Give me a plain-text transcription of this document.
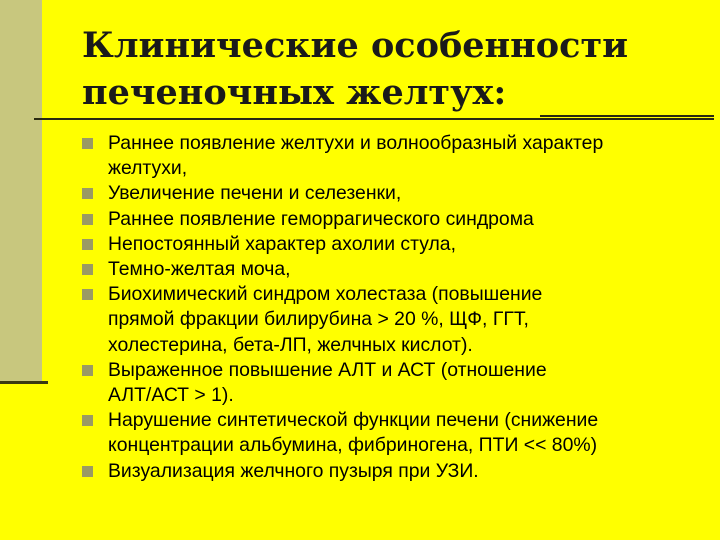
Клинические особенности
печеночных желтух:
Раннее появление желтухи и волнообразный характер
желтухи,
Увеличение печени и селезенки,
Раннее появление геморрагического синдрома
Непостоянный характер ахолии стула,
Темно-желтая моча,
Биохимический синдром холестаза (повышение
прямой фракции билирубина > 20 %, ЩФ, ГГТ,
холестерина, бета-ЛП, желчных кислот).
Выраженное повышение АЛТ и АСТ (отношение
АЛТ/АСТ > 1).
Нарушение синтетической функции печени (снижение
концентрации альбумина, фибриногена, ПТИ << 80%)
Визуализация желчного пузыря при УЗИ.
